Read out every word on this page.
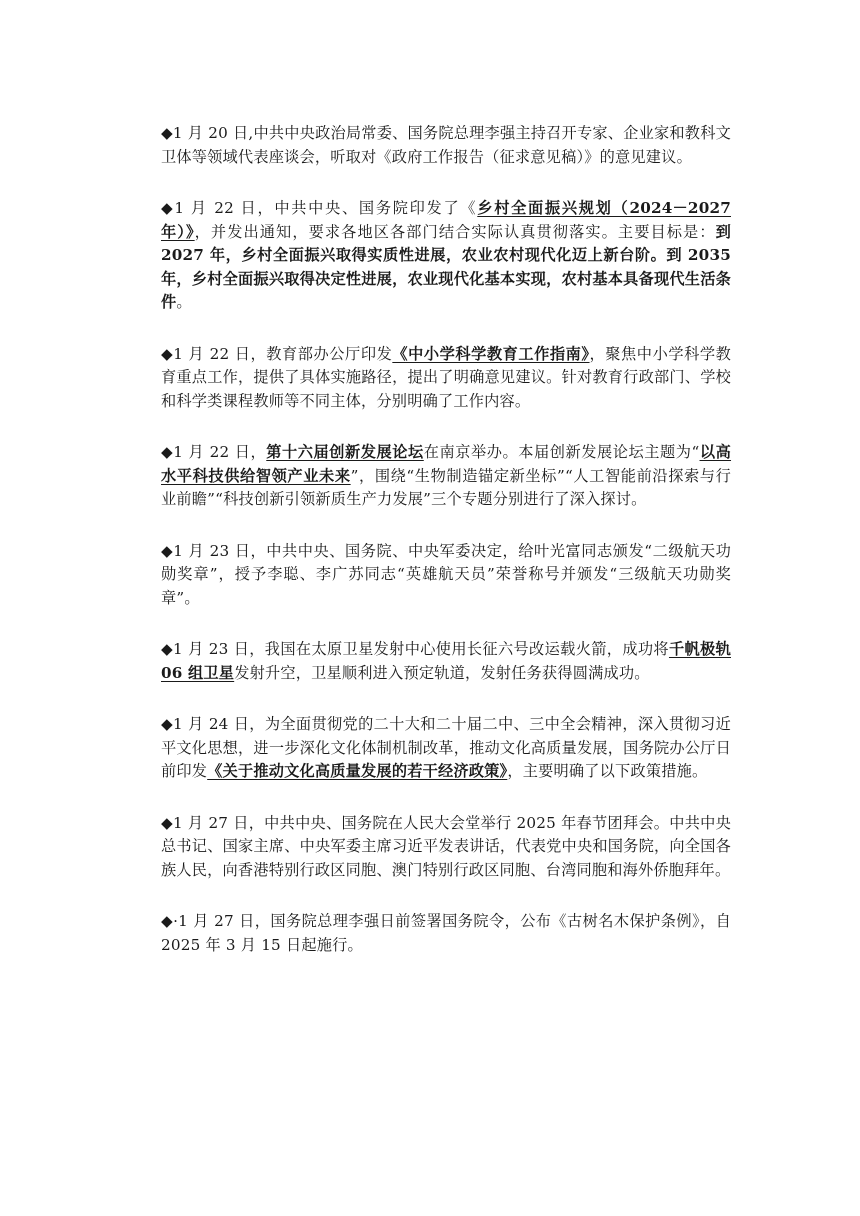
◆1 月 20 日,中共中央政治局常委、国务院总理李强主持召开专家、企业家和教科文卫体等领域代表座谈会，听取对《政府工作报告（征求意见稿）》的意见建议。

◆1 月 22 日，中共中央、国务院印发了《乡村全面振兴规划（2024－2027年）》，并发出通知，要求各地区各部门结合实际认真贯彻落实。主要目标是：到 2027 年，乡村全面振兴取得实质性进展，农业农村现代化迈上新台阶。到 2035 年，乡村全面振兴取得决定性进展，农业现代化基本实现，农村基本具备现代生活条件。

◆1 月 22 日，教育部办公厅印发《中小学科学教育工作指南》，聚焦中小学科学教育重点工作，提供了具体实施路径，提出了明确意见建议。针对教育行政部门、学校和科学类课程教师等不同主体，分别明确了工作内容。

◆1 月 22 日，第十六届创新发展论坛在南京举办。本届创新发展论坛主题为“以高水平科技供给智领产业未来”，围绕“生物制造锚定新坐标”“人工智能前沿探索与行业前瞻”“科技创新引领新质生产力发展”三个专题分别进行了深入探讨。

◆1 月 23 日，中共中央、国务院、中央军委决定，给叶光富同志颁发“二级航天功勋奖章”，授予李聪、李广苏同志“英雄航天员”荣誉称号并颁发“三级航天功勋奖章”。

◆1 月 23 日，我国在太原卫星发射中心使用长征六号改运载火箭，成功将千帆极轨 06 组卫星发射升空，卫星顺利进入预定轨道，发射任务获得圆满成功。

◆1 月 24 日，为全面贯彻党的二十大和二十届二中、三中全会精神，深入贯彻习近平文化思想，进一步深化文化体制机制改革，推动文化高质量发展，国务院办公厅日前印发《关于推动文化高质量发展的若干经济政策》，主要明确了以下政策措施。

◆1 月 27 日，中共中央、国务院在人民大会堂举行 2025 年春节团拜会。中共中央总书记、国家主席、中央军委主席习近平发表讲话，代表党中央和国务院，向全国各族人民，向香港特别行政区同胞、澳门特别行政区同胞、台湾同胞和海外侨胞拜年。

◆·1 月 27 日，国务院总理李强日前签署国务院令，公布《古树名木保护条例》，自 2025 年 3 月 15 日起施行。
